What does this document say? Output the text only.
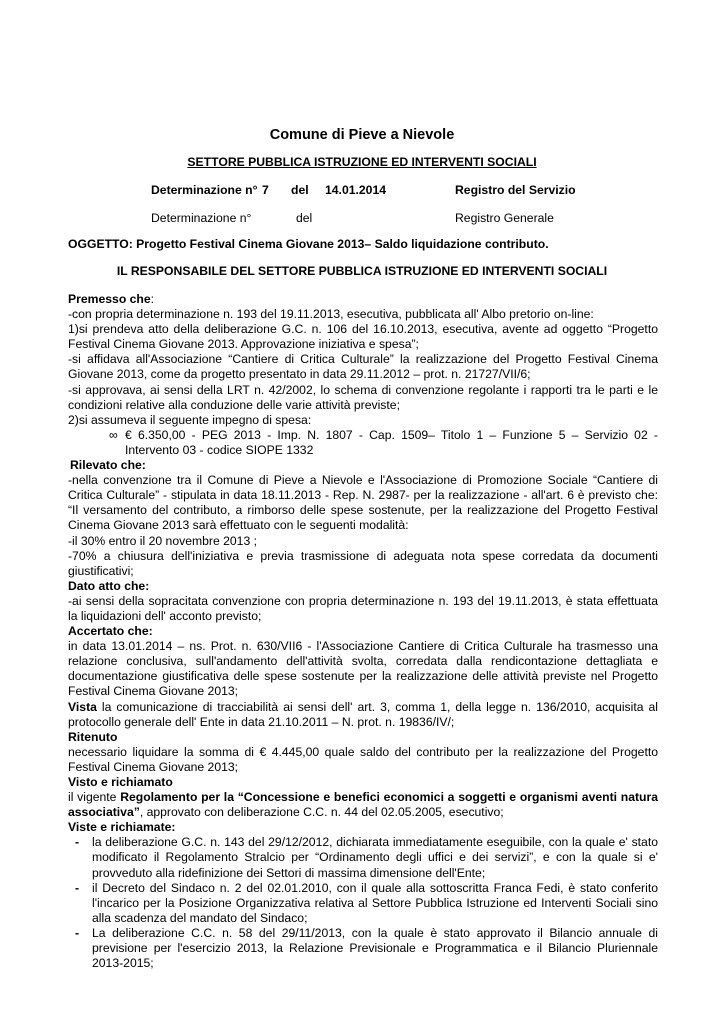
Comune di Pieve a Nievole
SETTORE PUBBLICA ISTRUZIONE ED INTERVENTI SOCIALI
Determinazione n° 7 del 14.01.2014	Registro del Servizio
Determinazione n°	del	Registro Generale
OGGETTO: Progetto Festival Cinema Giovane 2013– Saldo liquidazione contributo.
IL RESPONSABILE DEL SETTORE PUBBLICA ISTRUZIONE ED INTERVENTI SOCIALI

Premesso che:

-con propria determinazione n. 193 del 19.11.2013, esecutiva, pubblicata all' Albo pretorio on-line:

1)si prendeva atto della deliberazione G.C. n. 106 del 16.10.2013, esecutiva, avente ad oggetto “Progetto Festival Cinema Giovane 2013. Approvazione iniziativa e spesa”;

-si affidava all'Associazione “Cantiere di Critica Culturale” la realizzazione del Progetto Festival Cinema Giovane 2013, come da progetto presentato in data 29.11.2012 – prot. n. 21727/VII/6;

-si approvava, ai sensi della LRT n. 42/2002, lo schema di convenzione regolante i rapporti tra le parti e le condizioni relative alla conduzione delle varie attività previste;

2)si assumeva il seguente impegno di spesa:

∞ € 6.350,00 - PEG 2013 - Imp. N. 1807 - Cap. 1509– Titolo 1 – Funzione 5 – Servizio 02 - Intervento 03 - codice SIOPE 1332

Rilevato che:

-nella convenzione tra il Comune di Pieve a Nievole e l'Associazione di Promozione Sociale “Cantiere di Critica Culturale” - stipulata in data 18.11.2013 - Rep. N. 2987- per la realizzazione - all'art. 6 è previsto che: “Il versamento del contributo, a rimborso delle spese sostenute, per la realizzazione del Progetto Festival Cinema Giovane 2013 sarà effettuato con le seguenti modalità:

-il 30% entro il 20 novembre 2013 ;

-70% a chiusura dell'iniziativa e previa trasmissione di adeguata nota spese corredata da documenti giustificativi;

Dato atto che:

-ai sensi della sopracitata convenzione con propria determinazione n. 193 del 19.11.2013, è stata effettuata la liquidazioni dell' acconto previsto;

Accertato che:

in data 13.01.2014 – ns. Prot. n. 630/VII6 - l'Associazione Cantiere di Critica Culturale ha trasmesso una relazione conclusiva, sull'andamento dell'attività svolta, corredata dalla rendicontazione dettagliata e documentazione giustificativa delle spese sostenute per la realizzazione delle attività previste nel Progetto Festival Cinema Giovane 2013;

Vista la comunicazione di tracciabilità ai sensi dell' art. 3, comma 1, della legge n. 136/2010, acquisita al protocollo generale dell' Ente in data 21.10.2011 – N. prot. n. 19836/IV/;

Ritenuto

necessario liquidare la somma di € 4.445,00 quale saldo del contributo per la realizzazione del Progetto Festival Cinema Giovane 2013;

Visto e richiamato

il vigente Regolamento per la “Concessione e benefici economici a soggetti e organismi aventi natura associativa”, approvato con deliberazione C.C. n. 44 del 02.05.2005, esecutivo;

Viste e richiamate:

- la deliberazione G.C. n. 143 del 29/12/2012, dichiarata immediatamente eseguibile, con la quale e' stato modificato il Regolamento Stralcio per “Ordinamento degli uffici e dei servizi”, e con la quale si e' provveduto alla ridefinizione dei Settori di massima dimensione dell'Ente;

- il Decreto del Sindaco n. 2 del 02.01.2010, con il quale alla sottoscritta Franca Fedi, è stato conferito l'incarico per la Posizione Organizzativa relativa al Settore Pubblica Istruzione ed Interventi Sociali sino alla scadenza del mandato del Sindaco;

- La deliberazione C.C. n. 58 del 29/11/2013, con la quale è stato approvato il Bilancio annuale di previsione per l'esercizio 2013, la Relazione Previsionale e Programmatica e il Bilancio Pluriennale 2013-2015;
